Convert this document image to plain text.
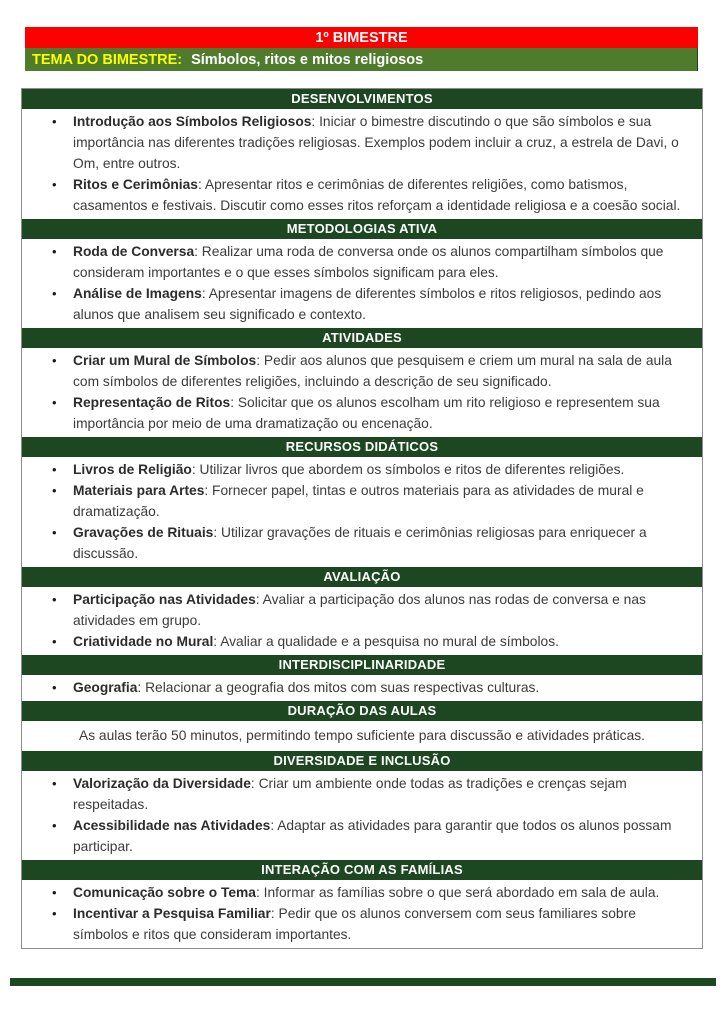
1º BIMESTRE
TEMA DO BIMESTRE: Símbolos, ritos e mitos religiosos
DESENVOLVIMENTOS
• Introdução aos Símbolos Religiosos: Iniciar o bimestre discutindo o que são símbolos e sua importância nas diferentes tradições religiosas. Exemplos podem incluir a cruz, a estrela de Davi, o Om, entre outros.
• Ritos e Cerimônias: Apresentar ritos e cerimônias de diferentes religiões, como batismos, casamentos e festivais. Discutir como esses ritos reforçam a identidade religiosa e a coesão social.
METODOLOGIAS ATIVA
• Roda de Conversa: Realizar uma roda de conversa onde os alunos compartilham símbolos que consideram importantes e o que esses símbolos significam para eles.
• Análise de Imagens: Apresentar imagens de diferentes símbolos e ritos religiosos, pedindo aos alunos que analisem seu significado e contexto.
ATIVIDADES
• Criar um Mural de Símbolos: Pedir aos alunos que pesquisem e criem um mural na sala de aula com símbolos de diferentes religiões, incluindo a descrição de seu significado.
• Representação de Ritos: Solicitar que os alunos escolham um rito religioso e representem sua importância por meio de uma dramatização ou encenação.
RECURSOS DIDÁTICOS
• Livros de Religião: Utilizar livros que abordem os símbolos e ritos de diferentes religiões.
• Materiais para Artes: Fornecer papel, tintas e outros materiais para as atividades de mural e dramatização.
• Gravações de Rituais: Utilizar gravações de rituais e cerimônias religiosas para enriquecer a discussão.
AVALIAÇÃO
• Participação nas Atividades: Avaliar a participação dos alunos nas rodas de conversa e nas atividades em grupo.
• Criatividade no Mural: Avaliar a qualidade e a pesquisa no mural de símbolos.
INTERDISCIPLINARIDADE
• Geografia: Relacionar a geografia dos mitos com suas respectivas culturas.
DURAÇÃO DAS AULAS
As aulas terão 50 minutos, permitindo tempo suficiente para discussão e atividades práticas.
DIVERSIDADE E INCLUSÃO
• Valorização da Diversidade: Criar um ambiente onde todas as tradições e crenças sejam respeitadas.
• Acessibilidade nas Atividades: Adaptar as atividades para garantir que todos os alunos possam participar.
INTERAÇÃO COM AS FAMÍLIAS
• Comunicação sobre o Tema: Informar as famílias sobre o que será abordado em sala de aula.
• Incentivar a Pesquisa Familiar: Pedir que os alunos conversem com seus familiares sobre símbolos e ritos que consideram importantes.
